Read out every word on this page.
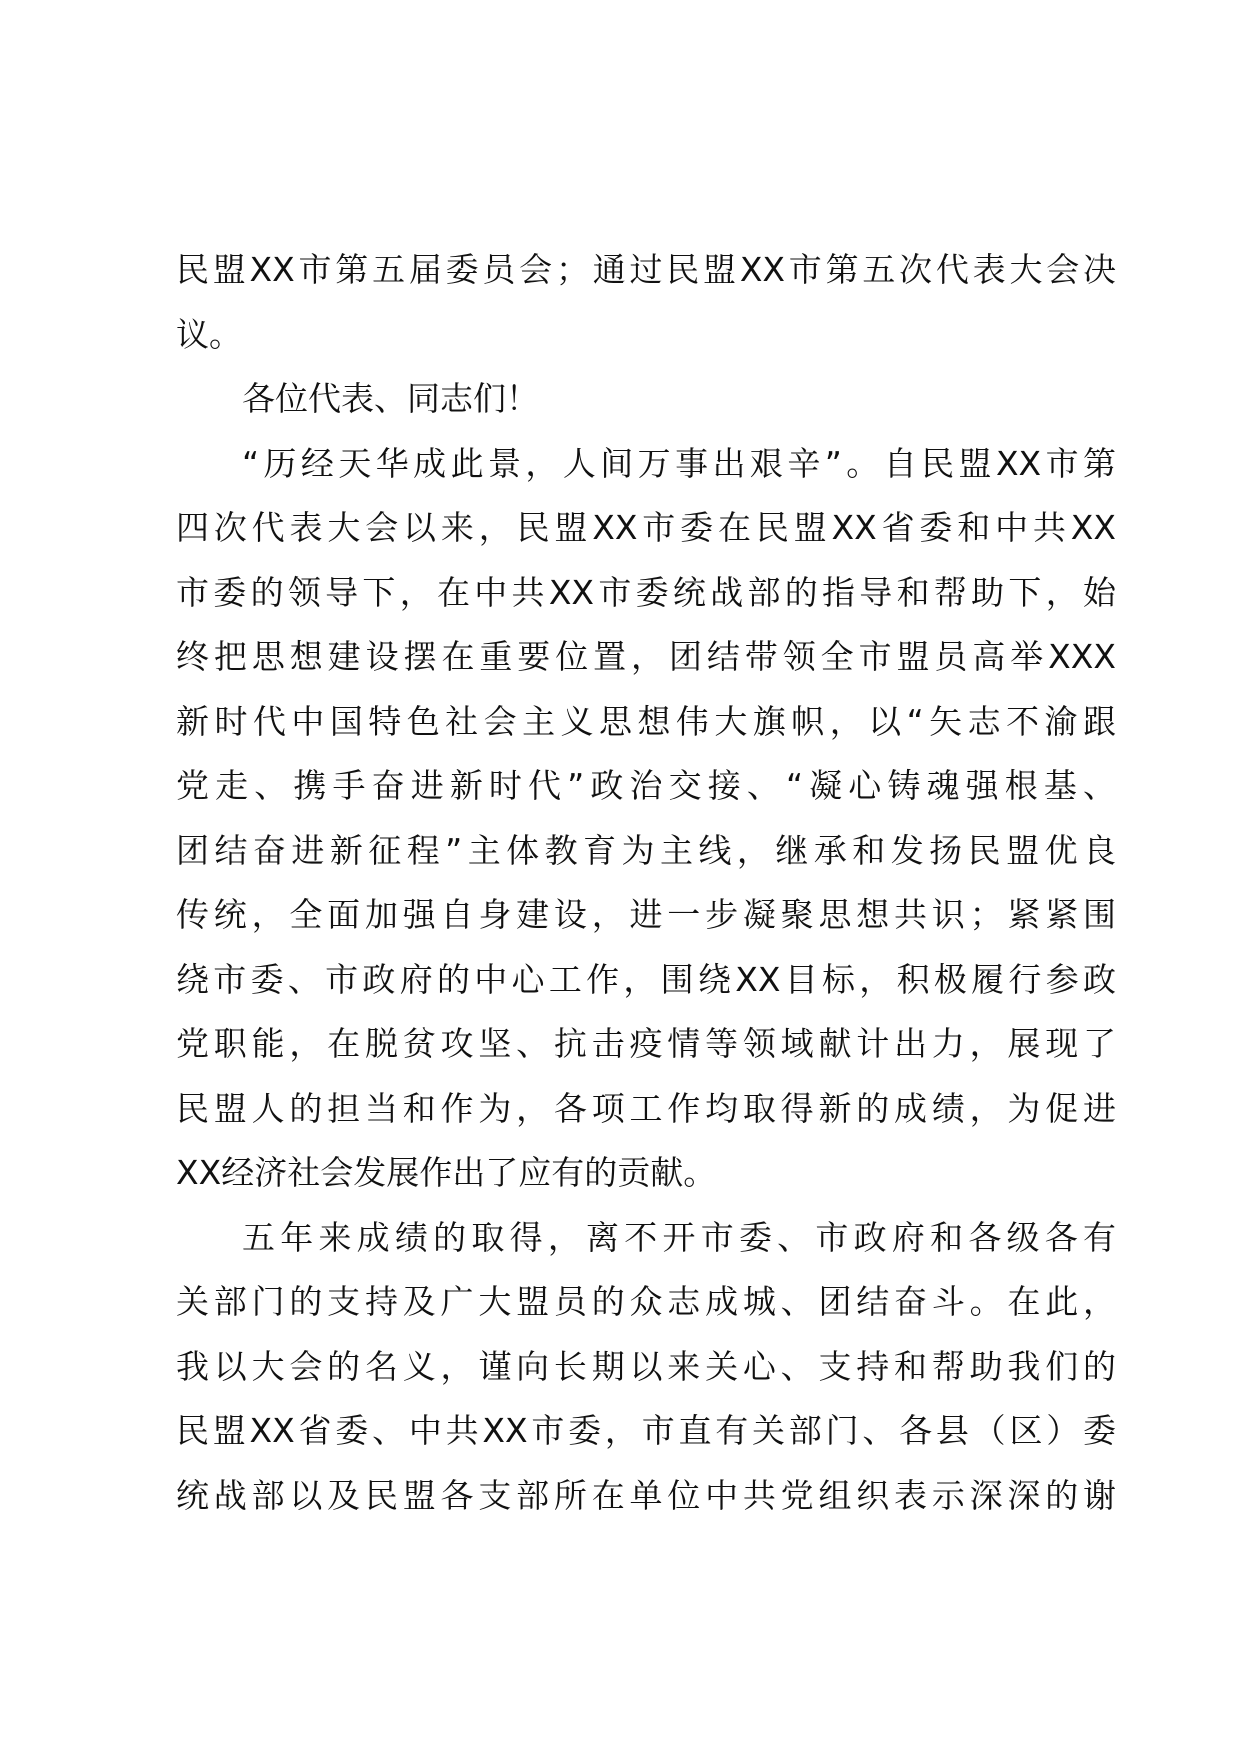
民盟XX市第五届委员会；通过民盟XX市第五次代表大会决
议。
各位代表、同志们！
“历经天华成此景，人间万事出艰辛”。自民盟XX市第
四次代表大会以来，民盟XX市委在民盟XX省委和中共XX
市委的领导下，在中共XX市委统战部的指导和帮助下，始
终把思想建设摆在重要位置，团结带领全市盟员高举XXX
新时代中国特色社会主义思想伟大旗帜，以“矢志不渝跟
党走、携手奋进新时代”政治交接、“凝心铸魂强根基、
团结奋进新征程”主体教育为主线，继承和发扬民盟优良
传统，全面加强自身建设，进一步凝聚思想共识；紧紧围
绕市委、市政府的中心工作，围绕XX目标，积极履行参政
党职能，在脱贫攻坚、抗击疫情等领域献计出力，展现了
民盟人的担当和作为，各项工作均取得新的成绩，为促进
XX经济社会发展作出了应有的贡献。
五年来成绩的取得，离不开市委、市政府和各级各有
关部门的支持及广大盟员的众志成城、团结奋斗。在此，
我以大会的名义，谨向长期以来关心、支持和帮助我们的
民盟XX省委、中共XX市委，市直有关部门、各县（区）委
统战部以及民盟各支部所在单位中共党组织表示深深的谢
